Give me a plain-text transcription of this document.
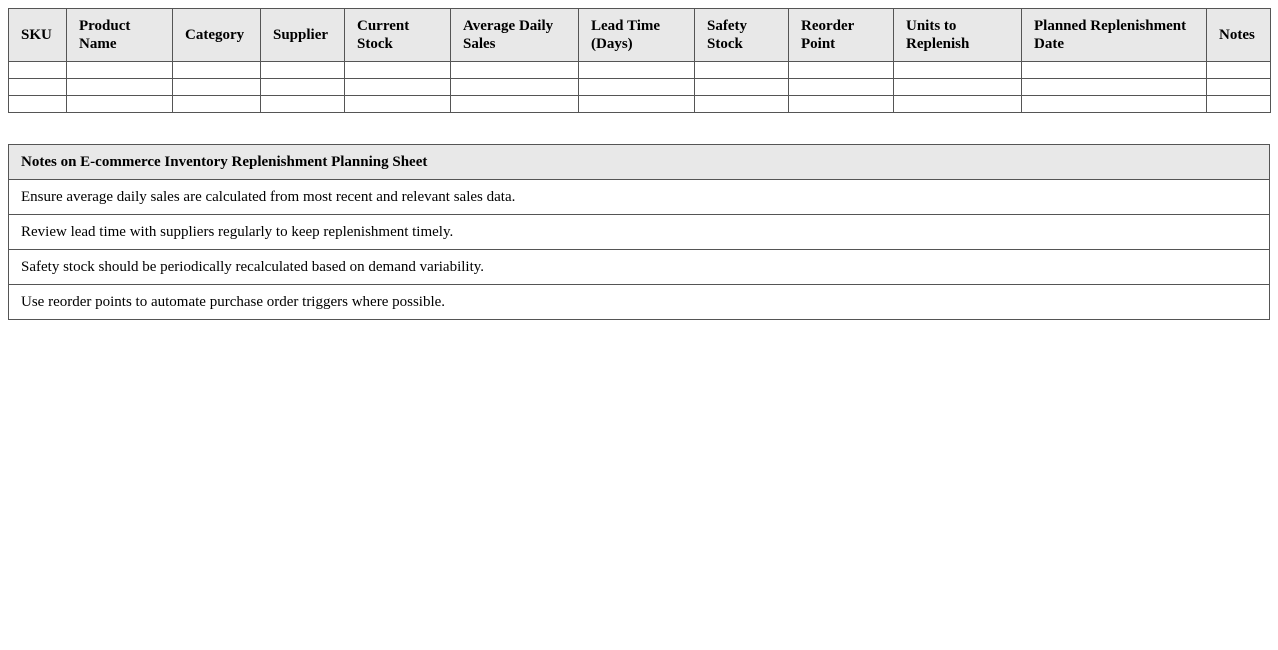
SKU	Product Name	Category	Supplier	Current Stock	Average Daily Sales	Lead Time (Days)	Safety Stock	Reorder Point	Units to Replenish	Planned Replenishment Date	Notes

Notes on E-commerce Inventory Replenishment Planning Sheet
Ensure average daily sales are calculated from most recent and relevant sales data.
Review lead time with suppliers regularly to keep replenishment timely.
Safety stock should be periodically recalculated based on demand variability.
Use reorder points to automate purchase order triggers where possible.
